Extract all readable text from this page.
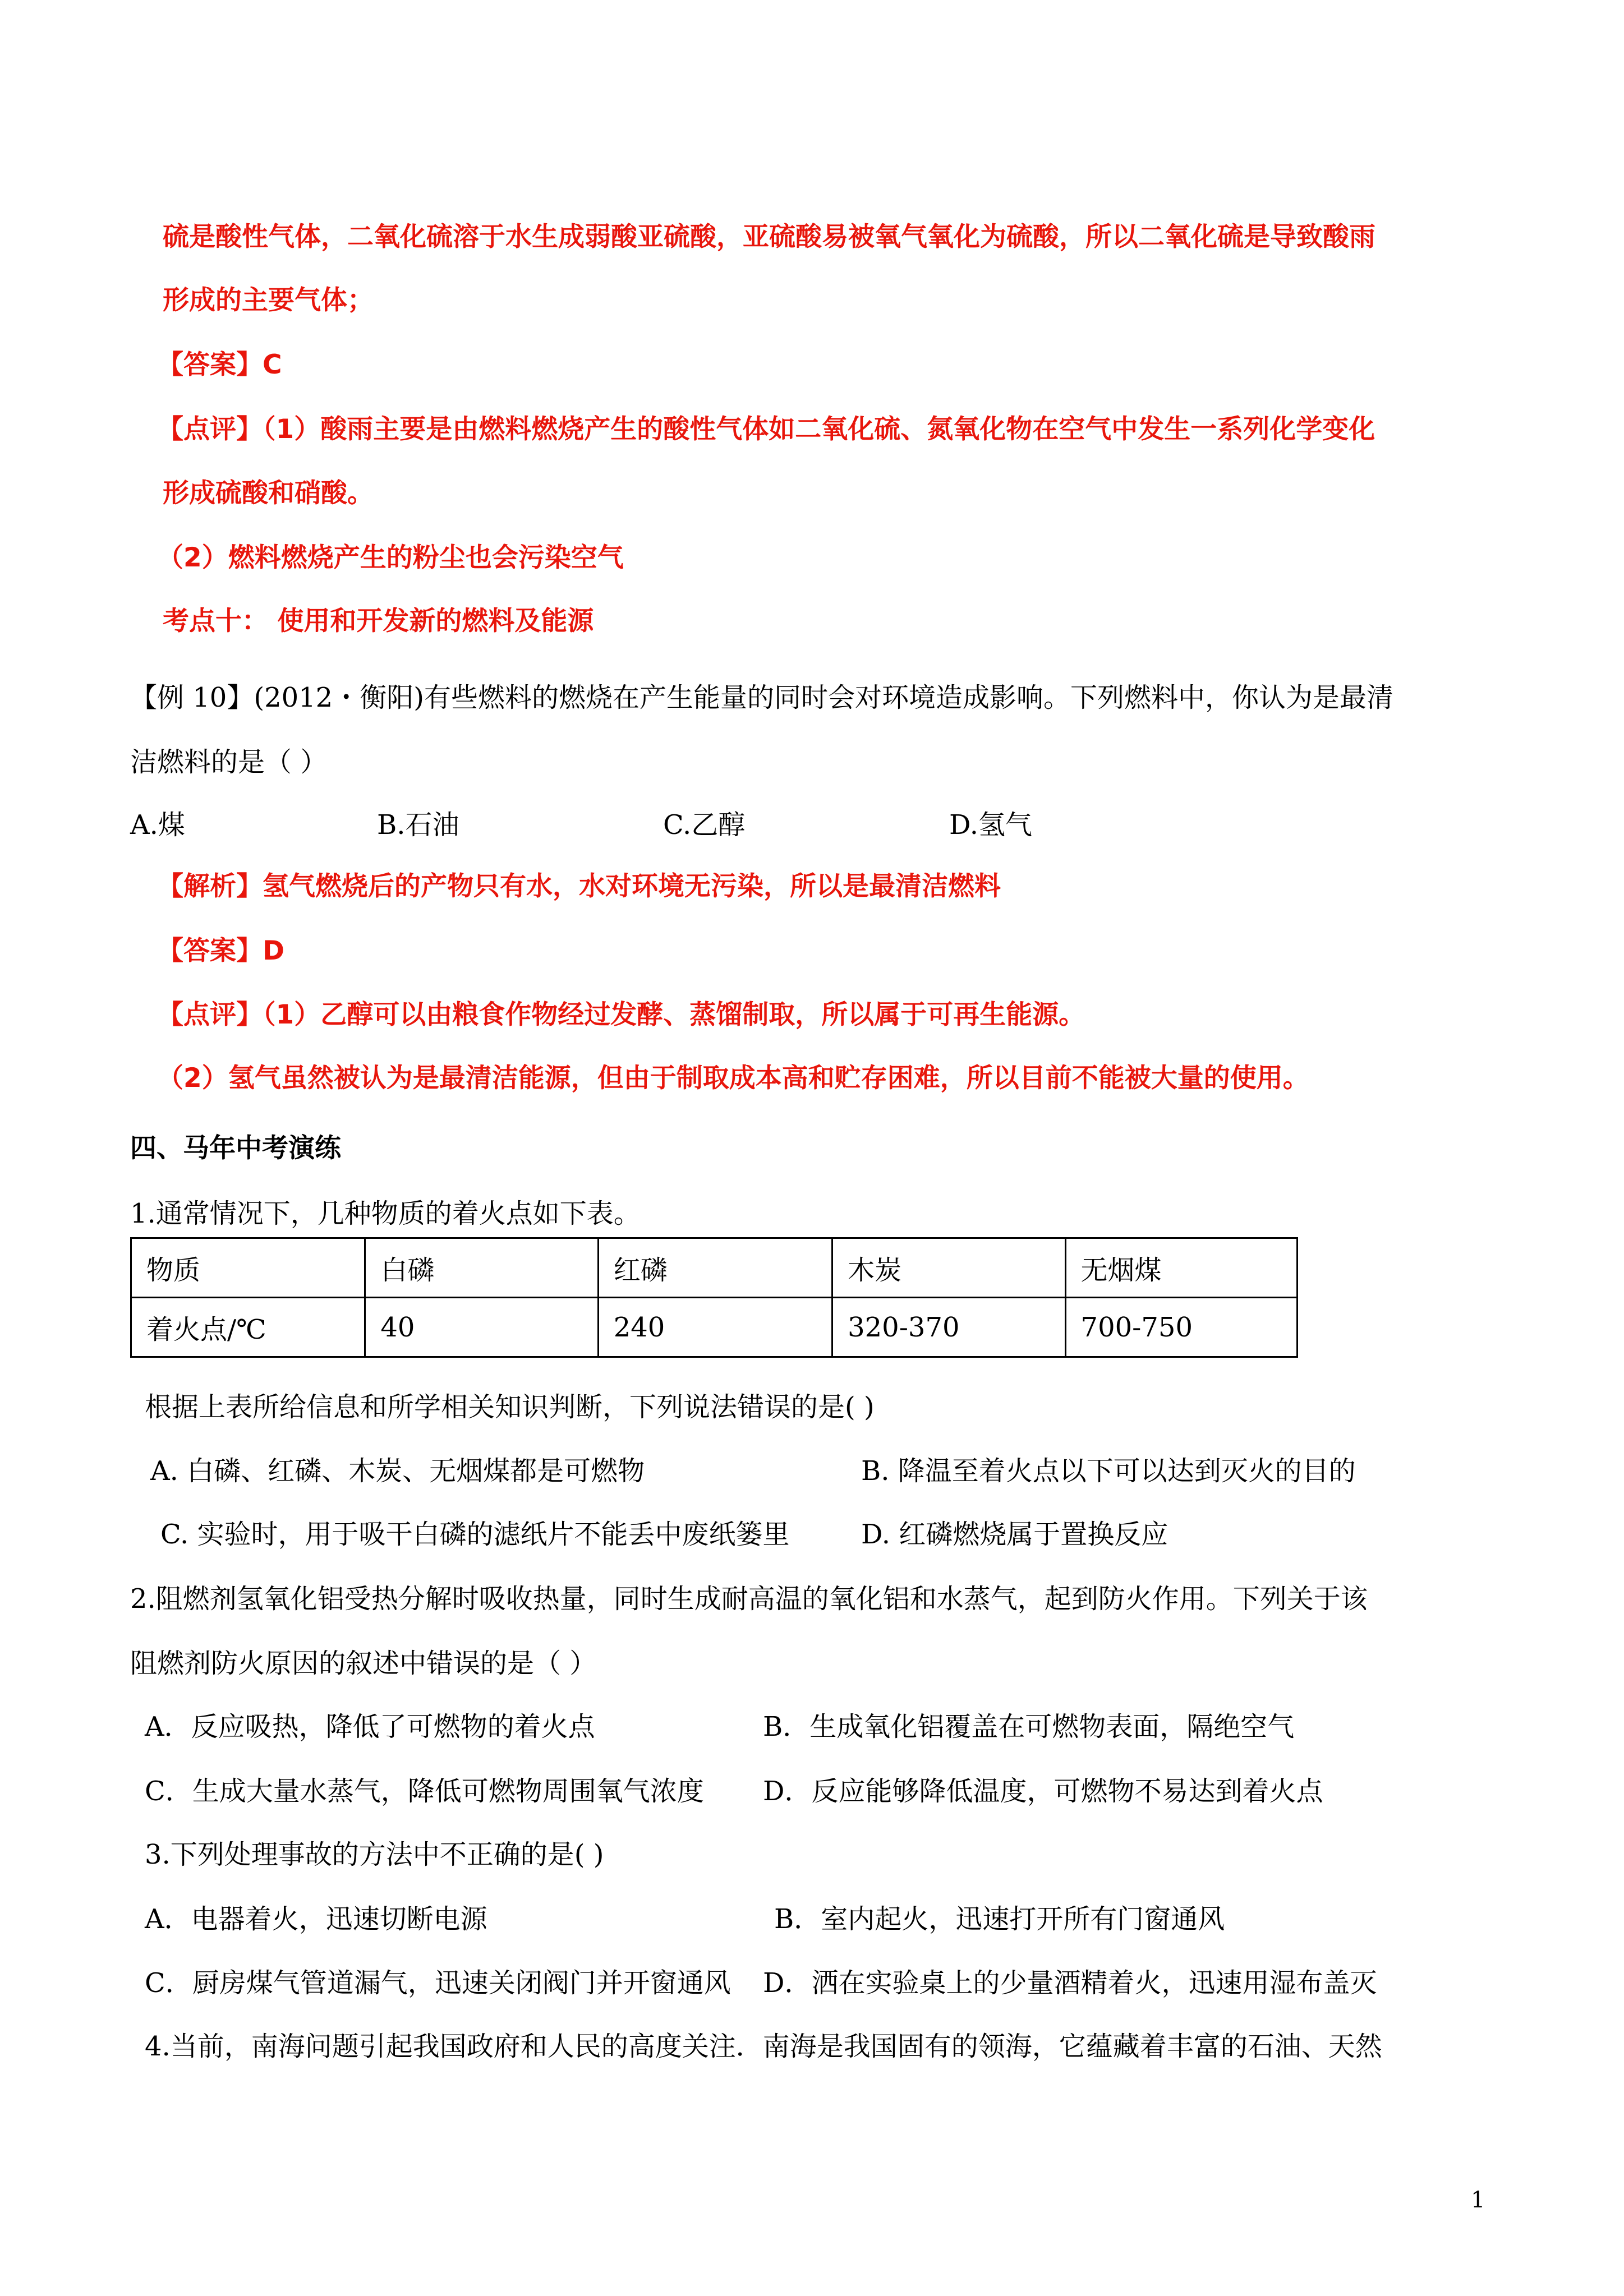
硫是酸性气体，二氧化硫溶于水生成弱酸亚硫酸，亚硫酸易被氧气氧化为硫酸，所以二氧化硫是导致酸雨
形成的主要气体；
【答案】C
【点评】（1）酸雨主要是由燃料燃烧产生的酸性气体如二氧化硫、氮氧化物在空气中发生一系列化学变化
形成硫酸和硝酸。
（2）燃料燃烧产生的粉尘也会污染空气
考点十： 使用和开发新的燃料及能源
【例 10】(2012・衡阳)有些燃料的燃烧在产生能量的同时会对环境造成影响。下列燃料中，你认为是最清
洁燃料的是（ ）
A.煤	B.石油	C.乙醇	D.氢气
【解析】氢气燃烧后的产物只有水，水对环境无污染，所以是最清洁燃料
【答案】D
【点评】（1）乙醇可以由粮食作物经过发酵、蒸馏制取，所以属于可再生能源。
（2）氢气虽然被认为是最清洁能源，但由于制取成本高和贮存困难，所以目前不能被大量的使用。
四、马年中考演练
1.通常情况下，几种物质的着火点如下表。
物质	白磷	红磷	木炭	无烟煤
着火点/℃	40	240	320-370	700-750
根据上表所给信息和所学相关知识判断，下列说法错误的是( )
A. 白磷、红磷、木炭、无烟煤都是可燃物	B. 降温至着火点以下可以达到灭火的目的
C. 实验时，用于吸干白磷的滤纸片不能丢中废纸篓里	D. 红磷燃烧属于置换反应
2.阻燃剂氢氧化铝受热分解时吸收热量，同时生成耐高温的氧化铝和水蒸气，起到防火作用。下列关于该
阻燃剂防火原因的叙述中错误的是（ ）
A．反应吸热，降低了可燃物的着火点	B．生成氧化铝覆盖在可燃物表面，隔绝空气
C．生成大量水蒸气，降低可燃物周围氧气浓度 D．反应能够降低温度，可燃物不易达到着火点
3.下列处理事故的方法中不正确的是( )
A．电器着火，迅速切断电源	B．室内起火，迅速打开所有门窗通风
C．厨房煤气管道漏气，迅速关闭阀门并开窗通风 D．洒在实验桌上的少量酒精着火，迅速用湿布盖灭
4.当前，南海问题引起我国政府和人民的高度关注．南海是我国固有的领海，它蕴藏着丰富的石油、天然
1
